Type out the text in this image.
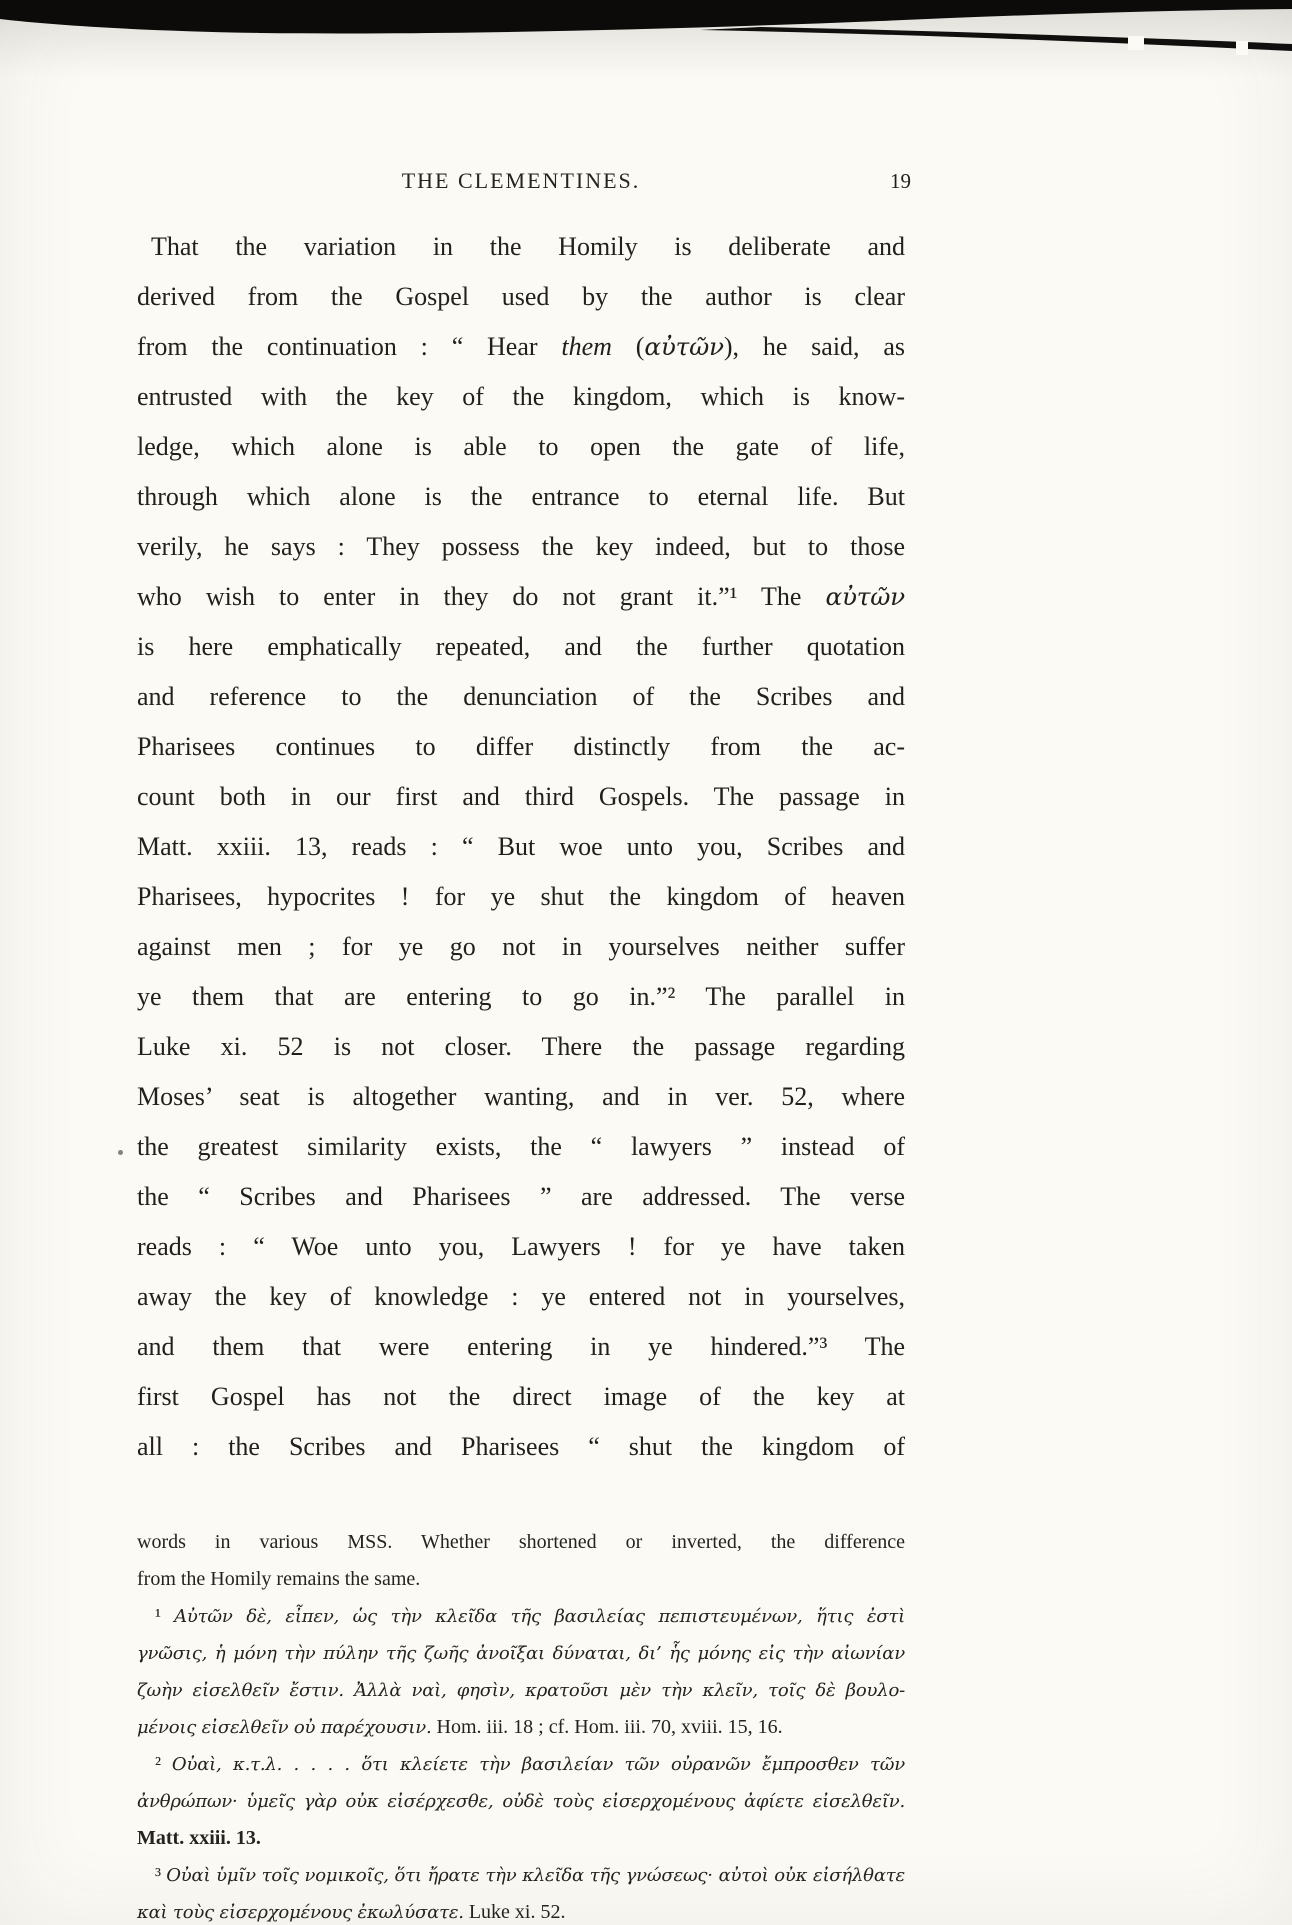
THE CLEMENTINES.	19
That the variation in the Homily is deliberate and
derived from the Gospel used by the author is clear
from the continuation : “ Hear them (αὐτῶν), he said, as
entrusted with the key of the kingdom, which is know-
ledge, which alone is able to open the gate of life,
through which alone is the entrance to eternal life. But
verily, he says : They possess the key indeed, but to those
who wish to enter in they do not grant it.”¹ The αὐτῶν
is here emphatically repeated, and the further quotation
and reference to the denunciation of the Scribes and
Pharisees continues to differ distinctly from the ac-
count both in our first and third Gospels. The passage in
Matt. xxiii. 13, reads : “ But woe unto you, Scribes and
Pharisees, hypocrites ! for ye shut the kingdom of heaven
against men ; for ye go not in yourselves neither suffer
ye them that are entering to go in.”² The parallel in
Luke xi. 52 is not closer. There the passage regarding
Moses’ seat is altogether wanting, and in ver. 52, where
the greatest similarity exists, the “ lawyers ” instead of
the “ Scribes and Pharisees ” are addressed. The verse
reads : “ Woe unto you, Lawyers ! for ye have taken
away the key of knowledge : ye entered not in yourselves,
and them that were entering in ye hindered.”³ The
first Gospel has not the direct image of the key at
all : the Scribes and Pharisees “ shut the kingdom of
words in various MSS. Whether shortened or inverted, the difference
from the Homily remains the same.
¹ Αὐτῶν δὲ, εἶπεν, ὡς τὴν κλεῖδα τῆς βασιλείας πεπιστευμένων, ἥτις ἐστὶ
γνῶσις, ἡ μόνη τὴν πύλην τῆς ζωῆς ἀνοῖξαι δύναται, δι’ ἧς μόνης εἰς τὴν αἰωνίαν
ζωὴν εἰσελθεῖν ἔστιν. Ἀλλὰ ναὶ, φησὶν, κρατοῦσι μὲν τὴν κλεῖν, τοῖς δὲ βουλο-
μένοις εἰσελθεῖν οὐ παρέχουσιν. Hom. iii. 18 ; cf. Hom. iii. 70, xviii. 15, 16.
² Οὐαὶ, κ.τ.λ. . . . . ὅτι κλείετε τὴν βασιλείαν τῶν οὐρανῶν ἔμπροσθεν τῶν
ἀνθρώπων· ὑμεῖς γὰρ οὐκ εἰσέρχεσθε, οὐδὲ τοὺς εἰσερχομένους ἀφίετε εἰσελθεῖν.
Matt. xxiii. 13.
³ Οὐαὶ ὑμῖν τοῖς νομικοῖς, ὅτι ἤρατε τὴν κλεῖδα τῆς γνώσεως· αὐτοὶ οὐκ εἰσήλθατε
καὶ τοὺς εἰσερχομένους ἐκωλύσατε. Luke xi. 52.
